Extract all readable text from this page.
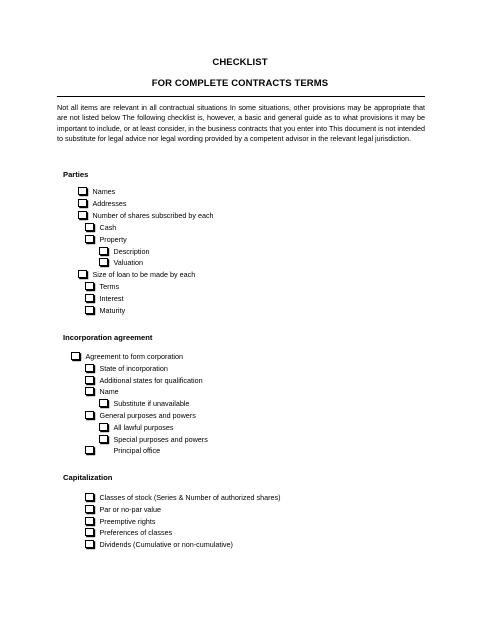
CHECKLIST
FOR COMPLETE CONTRACTS TERMS

Not all items are relevant in all contractual situations In some situations, other provisions may be appropriate that are not listed below The following checklist is, however, a basic and general guide as to what provisions it may be important to include, or at least consider, in the business contracts that you enter into This document is not intended to substitute for legal advice nor legal wording provided by a competent advisor in the relevant legal jurisdiction.

Parties
Names
Addresses
Number of shares subscribed by each
Cash
Property
Description
Valuation
Size of loan to be made by each
Terms
Interest
Maturity
Incorporation agreement
Agreement to form corporation
State of incorporation
Additional states for qualification
Name
Substitute if unavailable
General purposes and powers
All lawful purposes
Special purposes and powers
Principal office
Capitalization
Classes of stock (Series & Number of authorized shares)
Par or no-par value
Preemptive rights
Preferences of classes
Dividends (Cumulative or non-cumulative)
